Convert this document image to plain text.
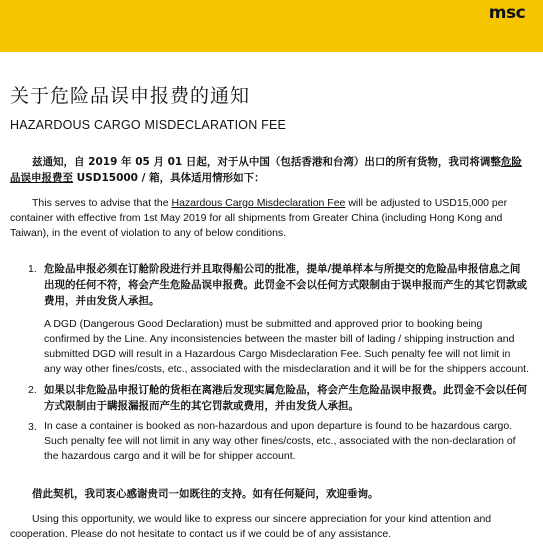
msc
关于危险品误申报费的通知

HAZARDOUS CARGO MISDECLARATION FEE

兹通知，自 2019 年 05 月 01 日起，对于从中国（包括香港和台湾）出口的所有货物，我司将调整危险品误申报费至 USD15000 / 箱，具体适用情形如下：

This serves to advise that the Hazardous Cargo Misdeclaration Fee will be adjusted to USD15,000 per container with effective from 1st May 2019 for all shipments from Greater China (including Hong Kong and Taiwan), in the event of violation to any of below conditions.

1. 危险品申报必须在订舱阶段进行并且取得船公司的批准，提单/提单样本与所提交的危险品申报信息之间出现的任何不符，将会产生危险品误申报费。此罚金不会以任何方式限制由于误申报而产生的其它罚款或费用，并由发货人承担。

A DGD (Dangerous Good Declaration) must be submitted and approved prior to booking being confirmed by the Line. Any inconsistencies between the master bill of lading / shipping instruction and submitted DGD will result in a Hazardous Cargo Misdeclaration Fee. Such penalty fee will not limit in any way other fines/costs, etc., associated with the misdeclaration and it will be for the shippers account.

2. 如果以非危险品申报订舱的货柜在离港后发现实属危险品，将会产生危险品误申报费。此罚金不会以任何方式限制由于瞒报漏报而产生的其它罚款或费用，并由发货人承担。

3. In case a container is booked as non-hazardous and upon departure is found to be hazardous cargo. Such penalty fee will not limit in any way other fines/costs, etc., associated with the non-declaration of the hazardous cargo and it will be for shipper account.

借此契机，我司衷心感谢贵司一如既往的支持。如有任何疑问，欢迎垂询。

Using this opportunity, we would like to express our sincere appreciation for your kind attention and cooperation. Please do not hesitate to contact us if we could be of any assistance.
